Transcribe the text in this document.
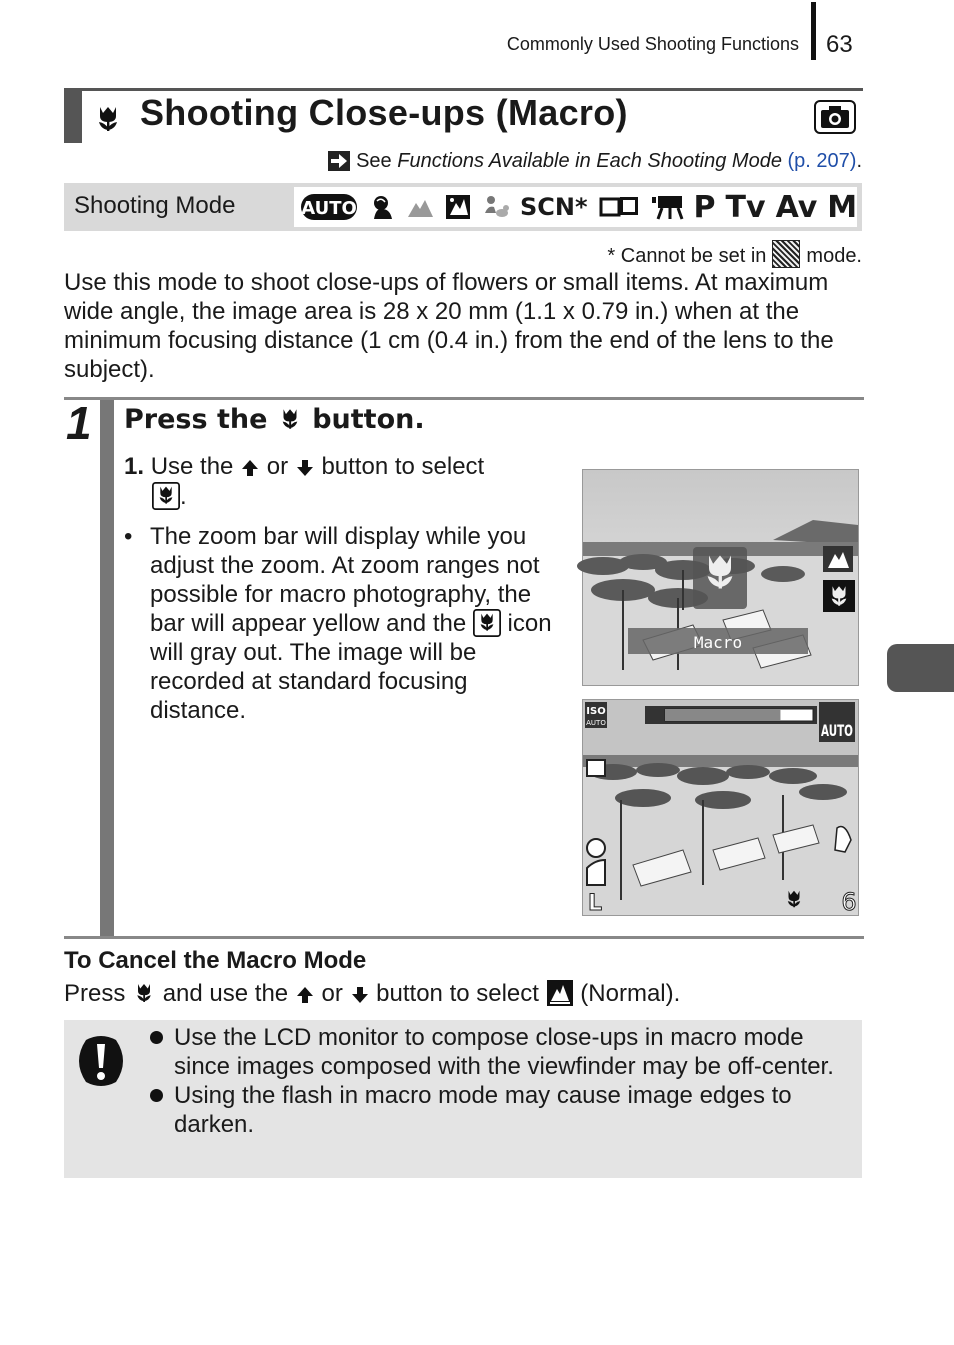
Commonly Used Shooting Functions 63
Shooting Close-ups (Macro)
See Functions Available in Each Shooting Mode (p. 207).
Shooting Mode	AUTO	SCN*	P Tv Av M
* Cannot be set in mode.
Use this mode to shoot close-ups of flowers or small items. At maximum wide angle, the image area is 28 x 20 mm (1.1 x 0.79 in.) when at the minimum focusing distance (1 cm (0.4 in.) from the end of the lens to the subject).
1 Press the button.
1. Use the or button to select
.
• The zoom bar will display while you adjust the zoom. At zoom ranges not possible for macro photography, the bar will appear yellow and the icon will gray out. The image will be recorded at standard focusing distance.
Macro
ISO
AUTO	AUTO
L	6
To Cancel the Macro Mode
Press and use the or button to select (Normal).
Use the LCD monitor to compose close-ups in macro mode since images composed with the viewfinder may be off-center.
Using the flash in macro mode may cause image edges to darken.
